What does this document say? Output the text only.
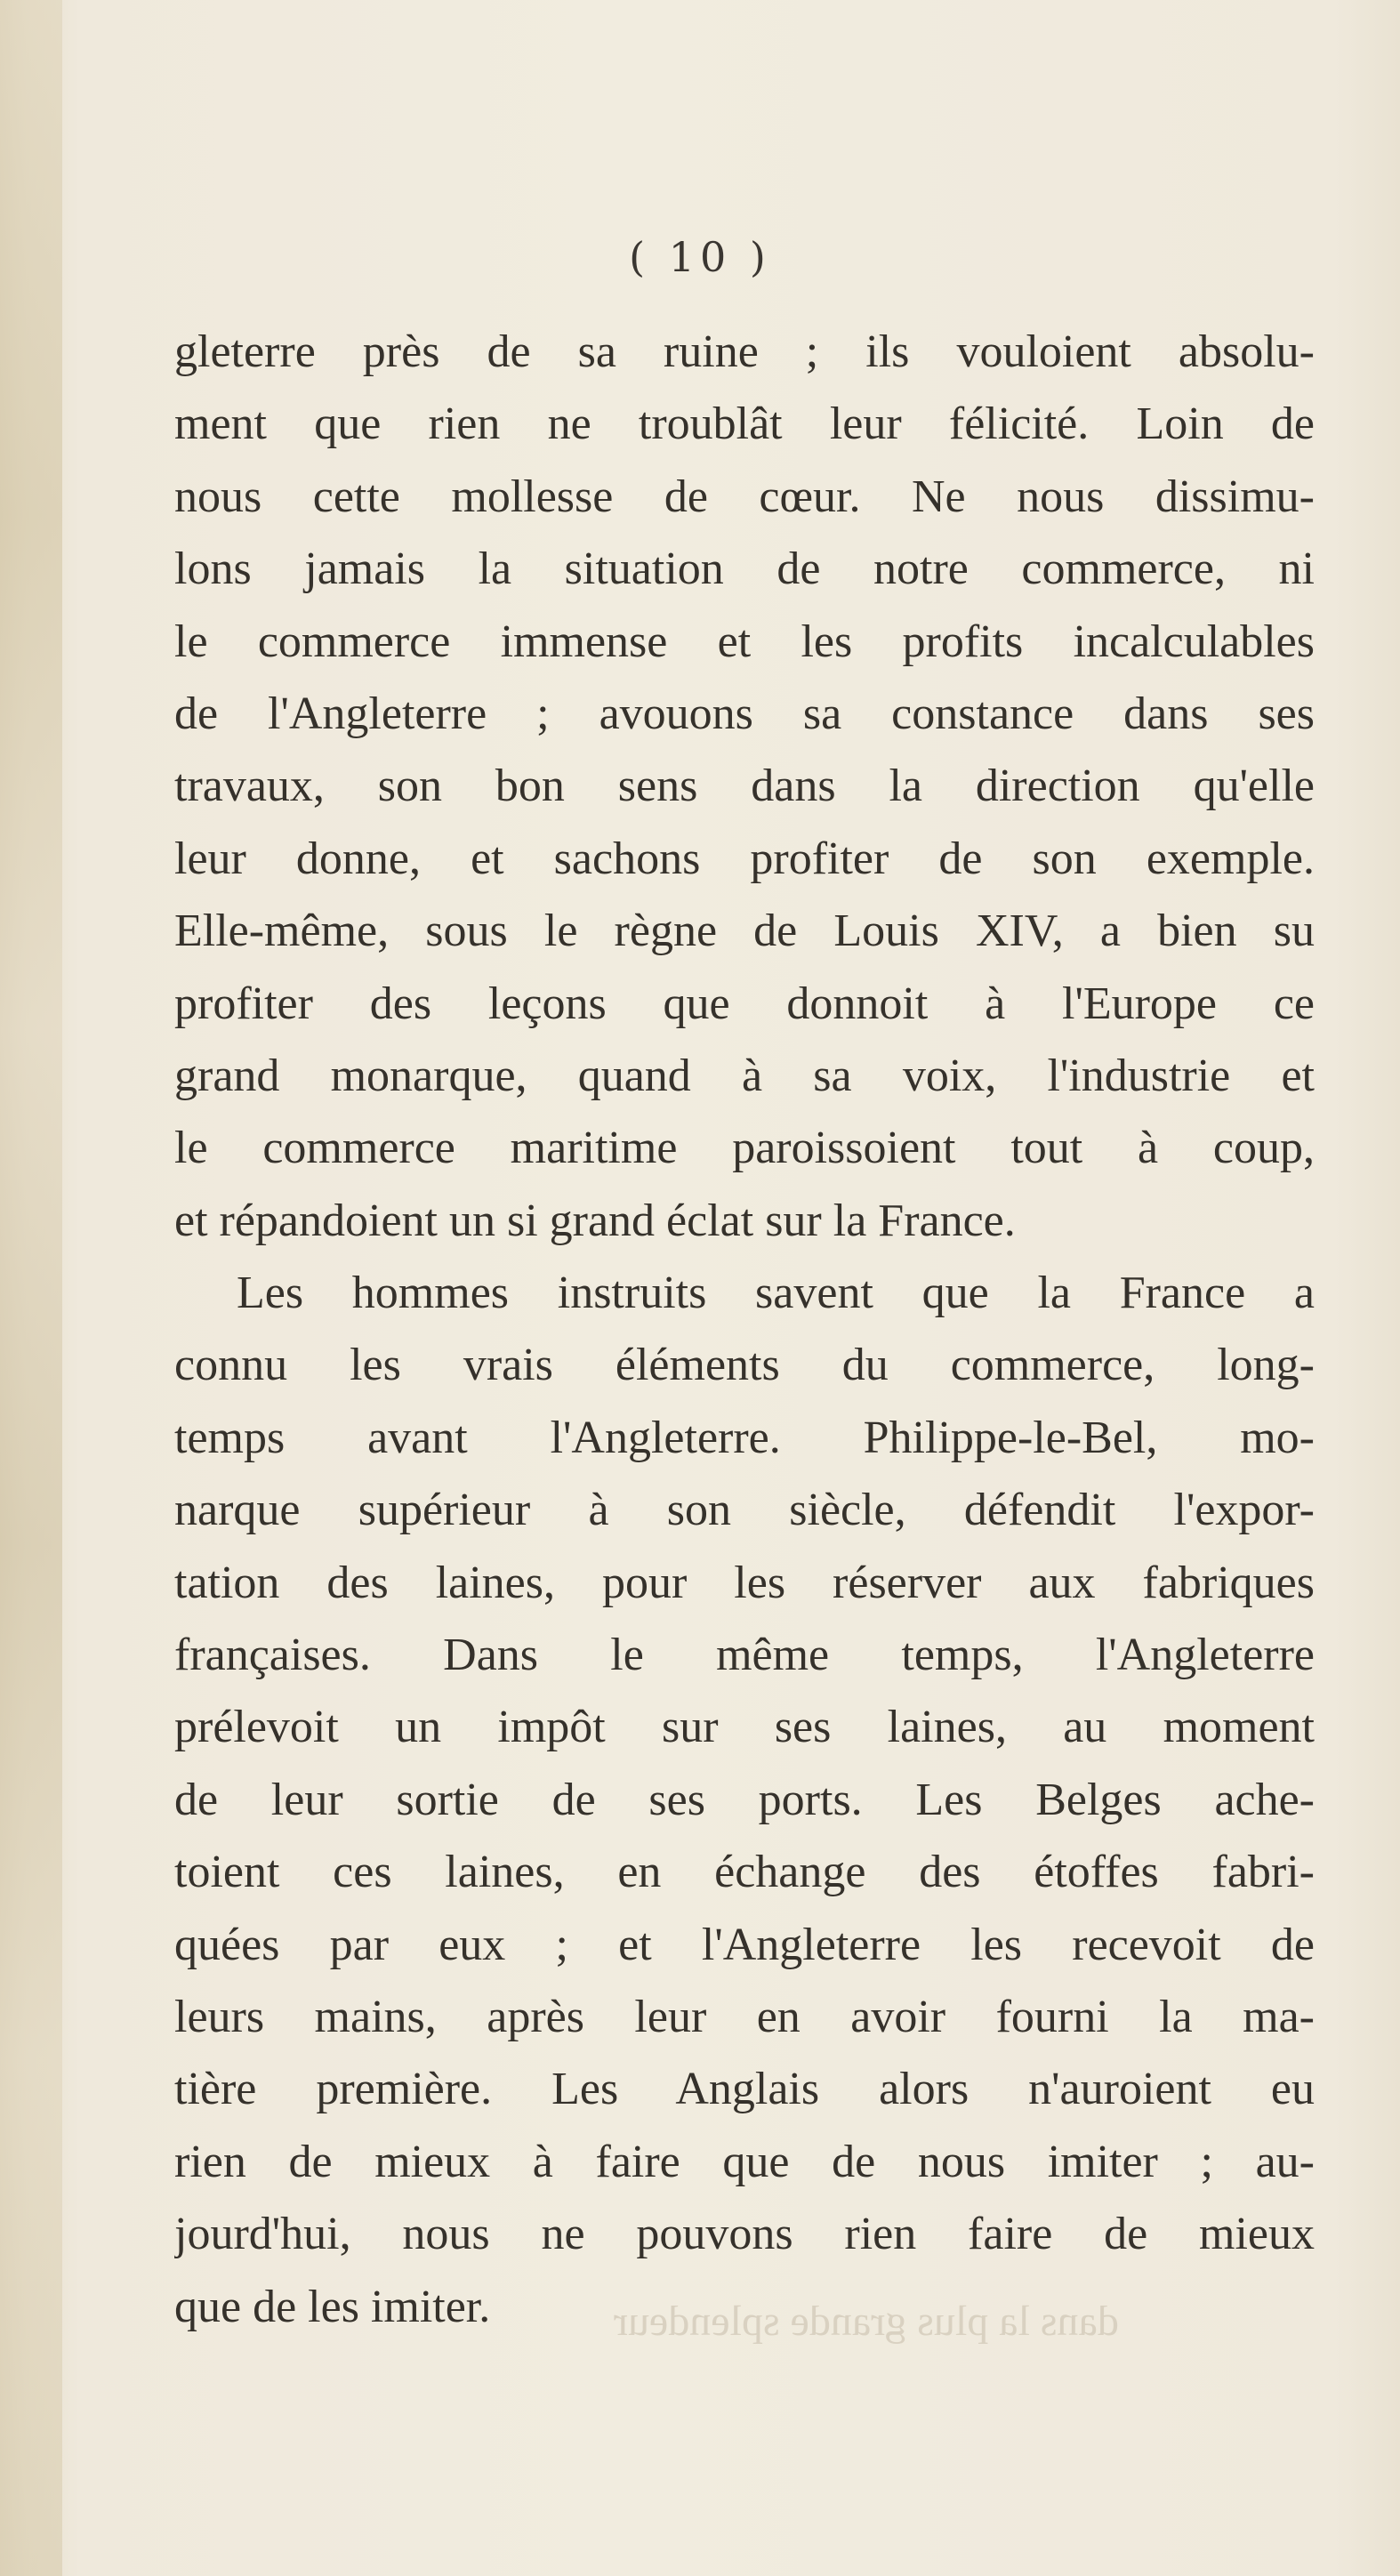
( 10 )
gleterre près de sa ruine ; ils vouloient absolu-
ment que rien ne troublât leur félicité. Loin de
nous cette mollesse de cœur. Ne nous dissimu-
lons jamais la situation de notre commerce, ni
le commerce immense et les profits incalculables
de l'Angleterre ; avouons sa constance dans ses
travaux, son bon sens dans la direction qu'elle
leur donne, et sachons profiter de son exemple.
Elle-même, sous le règne de Louis XIV, a bien su
profiter des leçons que donnoit à l'Europe ce
grand monarque, quand à sa voix, l'industrie et
le commerce maritime paroissoient tout à coup,
et répandoient un si grand éclat sur la France.
Les hommes instruits savent que la France a
connu les vrais éléments du commerce, long-
temps avant l'Angleterre. Philippe-le-Bel, mo-
narque supérieur à son siècle, défendit l'expor-
tation des laines, pour les réserver aux fabriques
françaises. Dans le même temps, l'Angleterre
prélevoit un impôt sur ses laines, au moment
de leur sortie de ses ports. Les Belges ache-
toient ces laines, en échange des étoffes fabri-
quées par eux ; et l'Angleterre les recevoit de
leurs mains, après leur en avoir fourni la ma-
tière première. Les Anglais alors n'auroient eu
rien de mieux à faire que de nous imiter ; au-
jourd'hui, nous ne pouvons rien faire de mieux
que de les imiter.	dans la plus grande splendeur
